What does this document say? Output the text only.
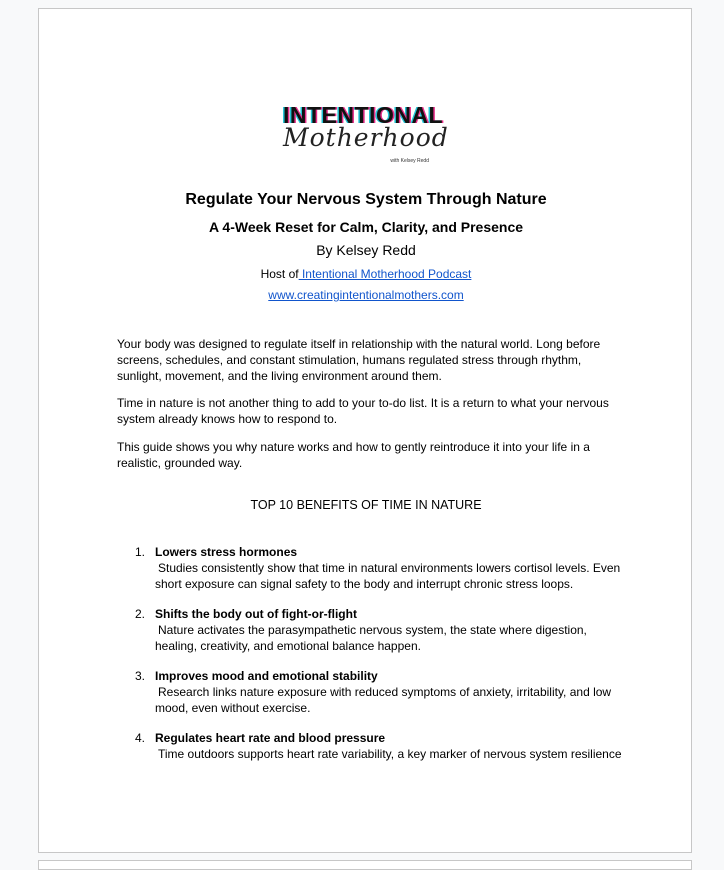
INTENTIONAL
Motherhood
with Kelsey Redd
Regulate Your Nervous System Through Nature
A 4-Week Reset for Calm, Clarity, and Presence
By Kelsey Redd
Host of Intentional Motherhood Podcast
www.creatingintentionalmothers.com
Your body was designed to regulate itself in relationship with the natural world. Long before screens, schedules, and constant stimulation, humans regulated stress through rhythm, sunlight, movement, and the living environment around them.
Time in nature is not another thing to add to your to-do list. It is a return to what your nervous system already knows how to respond to.
This guide shows you why nature works and how to gently reintroduce it into your life in a realistic, grounded way.
TOP 10 BENEFITS OF TIME IN NATURE
1. Lowers stress hormones
Studies consistently show that time in natural environments lowers cortisol levels. Even short exposure can signal safety to the body and interrupt chronic stress loops.
2. Shifts the body out of fight-or-flight
Nature activates the parasympathetic nervous system, the state where digestion, healing, creativity, and emotional balance happen.
3. Improves mood and emotional stability
Research links nature exposure with reduced symptoms of anxiety, irritability, and low mood, even without exercise.
4. Regulates heart rate and blood pressure
Time outdoors supports heart rate variability, a key marker of nervous system resilience
